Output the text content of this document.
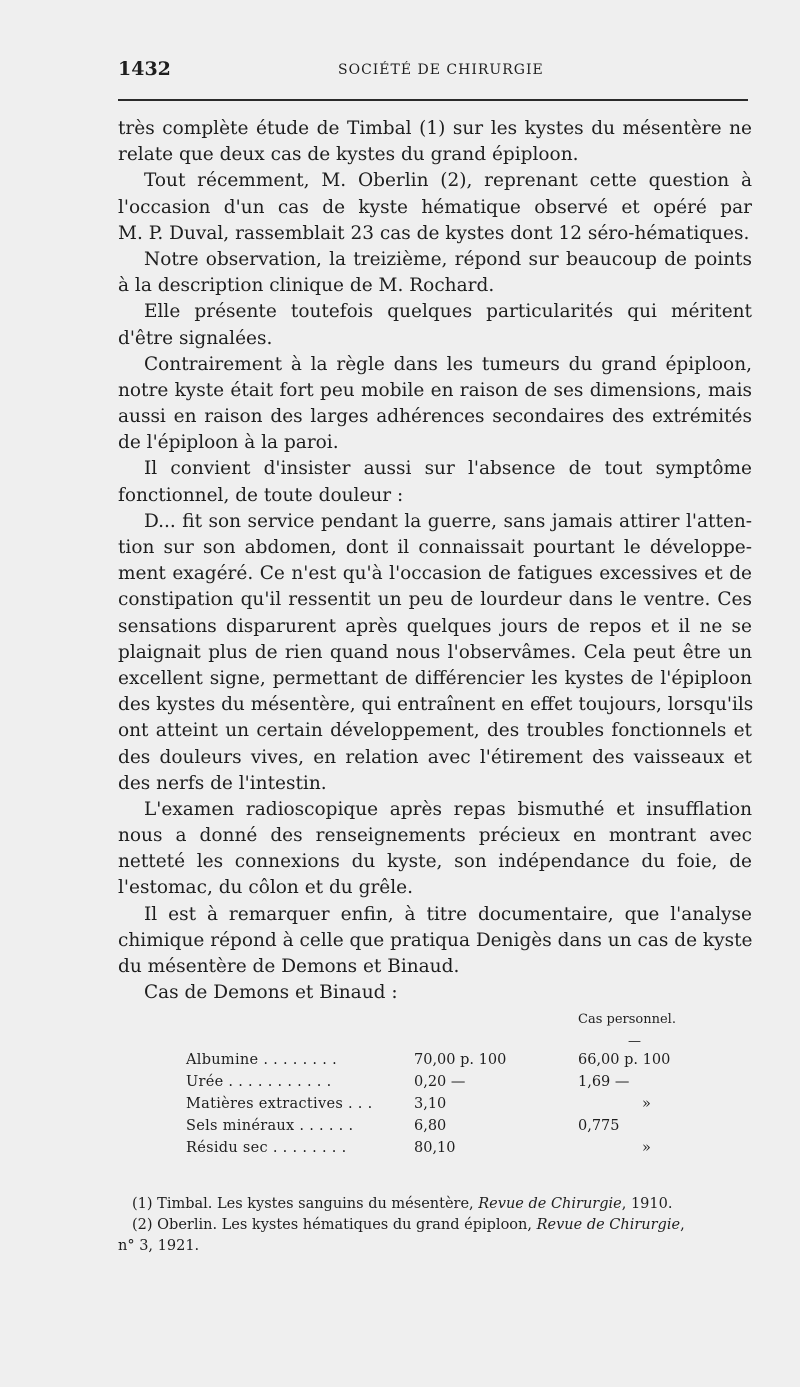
1432	SOCIÉTÉ DE CHIRURGIE
très complète étude de Timbal (1) sur les kystes du mésentère ne
relate que deux cas de kystes du grand épiploon.
Tout récemment, M. Oberlin (2), reprenant cette question à
l'occasion d'un cas de kyste hématique observé et opéré par
M. P. Duval, rassemblait 23 cas de kystes dont 12 séro-hématiques.
Notre observation, la treizième, répond sur beaucoup de points
à la description clinique de M. Rochard.
Elle présente toutefois quelques particularités qui méritent
d'être signalées.
Contrairement à la règle dans les tumeurs du grand épiploon,
notre kyste était fort peu mobile en raison de ses dimensions, mais
aussi en raison des larges adhérences secondaires des extrémités
de l'épiploon à la paroi.
Il convient d'insister aussi sur l'absence de tout symptôme
fonctionnel, de toute douleur :
D... fit son service pendant la guerre, sans jamais attirer l'atten-
tion sur son abdomen, dont il connaissait pourtant le développe-
ment exagéré. Ce n'est qu'à l'occasion de fatigues excessives et de
constipation qu'il ressentit un peu de lourdeur dans le ventre. Ces
sensations disparurent après quelques jours de repos et il ne se
plaignait plus de rien quand nous l'observâmes. Cela peut être un
excellent signe, permettant de différencier les kystes de l'épiploon
des kystes du mésentère, qui entraînent en effet toujours, lorsqu'ils
ont atteint un certain développement, des troubles fonctionnels et
des douleurs vives, en relation avec l'étirement des vaisseaux et
des nerfs de l'intestin.
L'examen radioscopique après repas bismuthé et insufflation
nous a donné des renseignements précieux en montrant avec
netteté les connexions du kyste, son indépendance du foie, de
l'estomac, du côlon et du grêle.
Il est à remarquer enfin, à titre documentaire, que l'analyse
chimique répond à celle que pratiqua Denigès dans un cas de kyste
du mésentère de Demons et Binaud.
Cas de Demons et Binaud :
Cas personnel.
—
Albumine . . . . . . . .	70,00 p. 100	66,00 p. 100
Urée . . . . . . . . . . .	0,20 —	1,69 —
Matières extractives . . .	3,10	»
Sels minéraux . . . . . .	6,80	0,775
Résidu sec . . . . . . . .	80,10	»
(1) Timbal. Les kystes sanguins du mésentère, Revue de Chirurgie, 1910.
(2) Oberlin. Les kystes hématiques du grand épiploon, Revue de Chirurgie,
n° 3, 1921.
